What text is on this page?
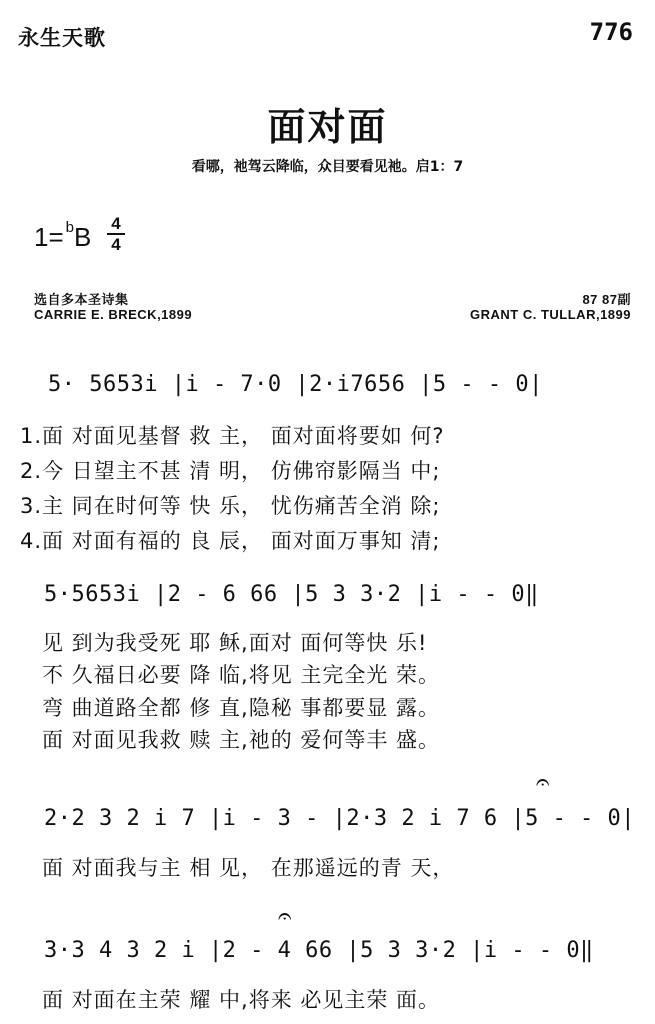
永生天歌	776
面对面
看哪，祂驾云降临，众目要看见祂。启1：7
1= $^b$B	4
4
选自多本圣诗集	87 87副
CARRIE E. BRECK,1899	GRANT C. TULLAR,1899
5· 5653i |i - 7·0 |2·i7656 |5 - - 0|
1.面 对面见基督 救 主， 面对面将要如 何?
2.今 日望主不甚 清 明， 仿佛帘影隔当 中;
3.主 同在时何等 快 乐， 忧伤痛苦全消 除;
4.面 对面有福的 良 辰， 面对面万事知 清;
5·5653i |2 - 6 66 |5 3 3·2 |i - - 0‖
见 到为我受死 耶 稣,面对 面何等快 乐!
不 久福日必要 降 临,将见 主完全光 荣。
弯 曲道路全都 修 直,隐秘 事都要显 露。
面 对面见我救 赎 主,祂的 爱何等丰 盛。
𝄐
2·2 3 2 i 7 |i - 3 - |2·3 2 i 7 6 |5 - - 0|
面 对面我与主 相 见， 在那遥远的青 天，
𝄐
3·3 4 3 2 i |2 - 4 66 |5 3 3·2 |i - - 0‖
面 对面在主荣 耀 中,将来 必见主荣 面。
